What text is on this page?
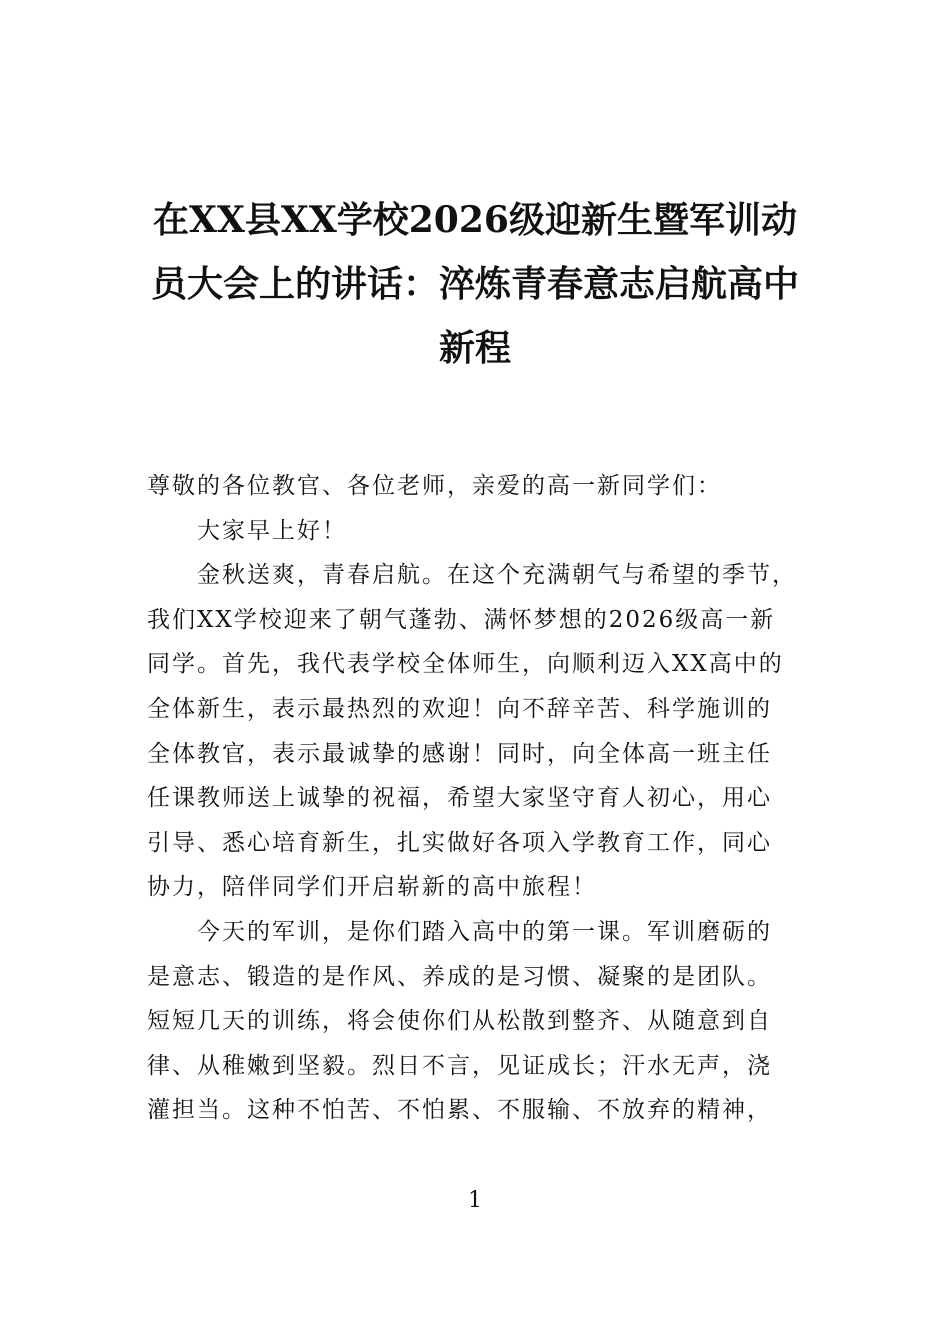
在XX县XX学校2026级迎新生暨军训动
员大会上的讲话：淬炼青春意志启航高中
新程

尊敬的各位教官、各位老师，亲爱的高一新同学们：

大家早上好！

金秋送爽，青春启航。在这个充满朝气与希望的季节，
我们XX学校迎来了朝气蓬勃、满怀梦想的2026级高一新
同学。首先，我代表学校全体师生，向顺利迈入XX高中的
全体新生，表示最热烈的欢迎！向不辞辛苦、科学施训的
全体教官，表示最诚挚的感谢！同时，向全体高一班主任
任课教师送上诚挚的祝福，希望大家坚守育人初心，用心
引导、悉心培育新生，扎实做好各项入学教育工作，同心
协力，陪伴同学们开启崭新的高中旅程！

今天的军训，是你们踏入高中的第一课。军训磨砺的
是意志、锻造的是作风、养成的是习惯、凝聚的是团队。
短短几天的训练，将会使你们从松散到整齐、从随意到自
律、从稚嫩到坚毅。烈日不言，见证成长；汗水无声，浇
灌担当。这种不怕苦、不怕累、不服输、不放弃的精神，

1
